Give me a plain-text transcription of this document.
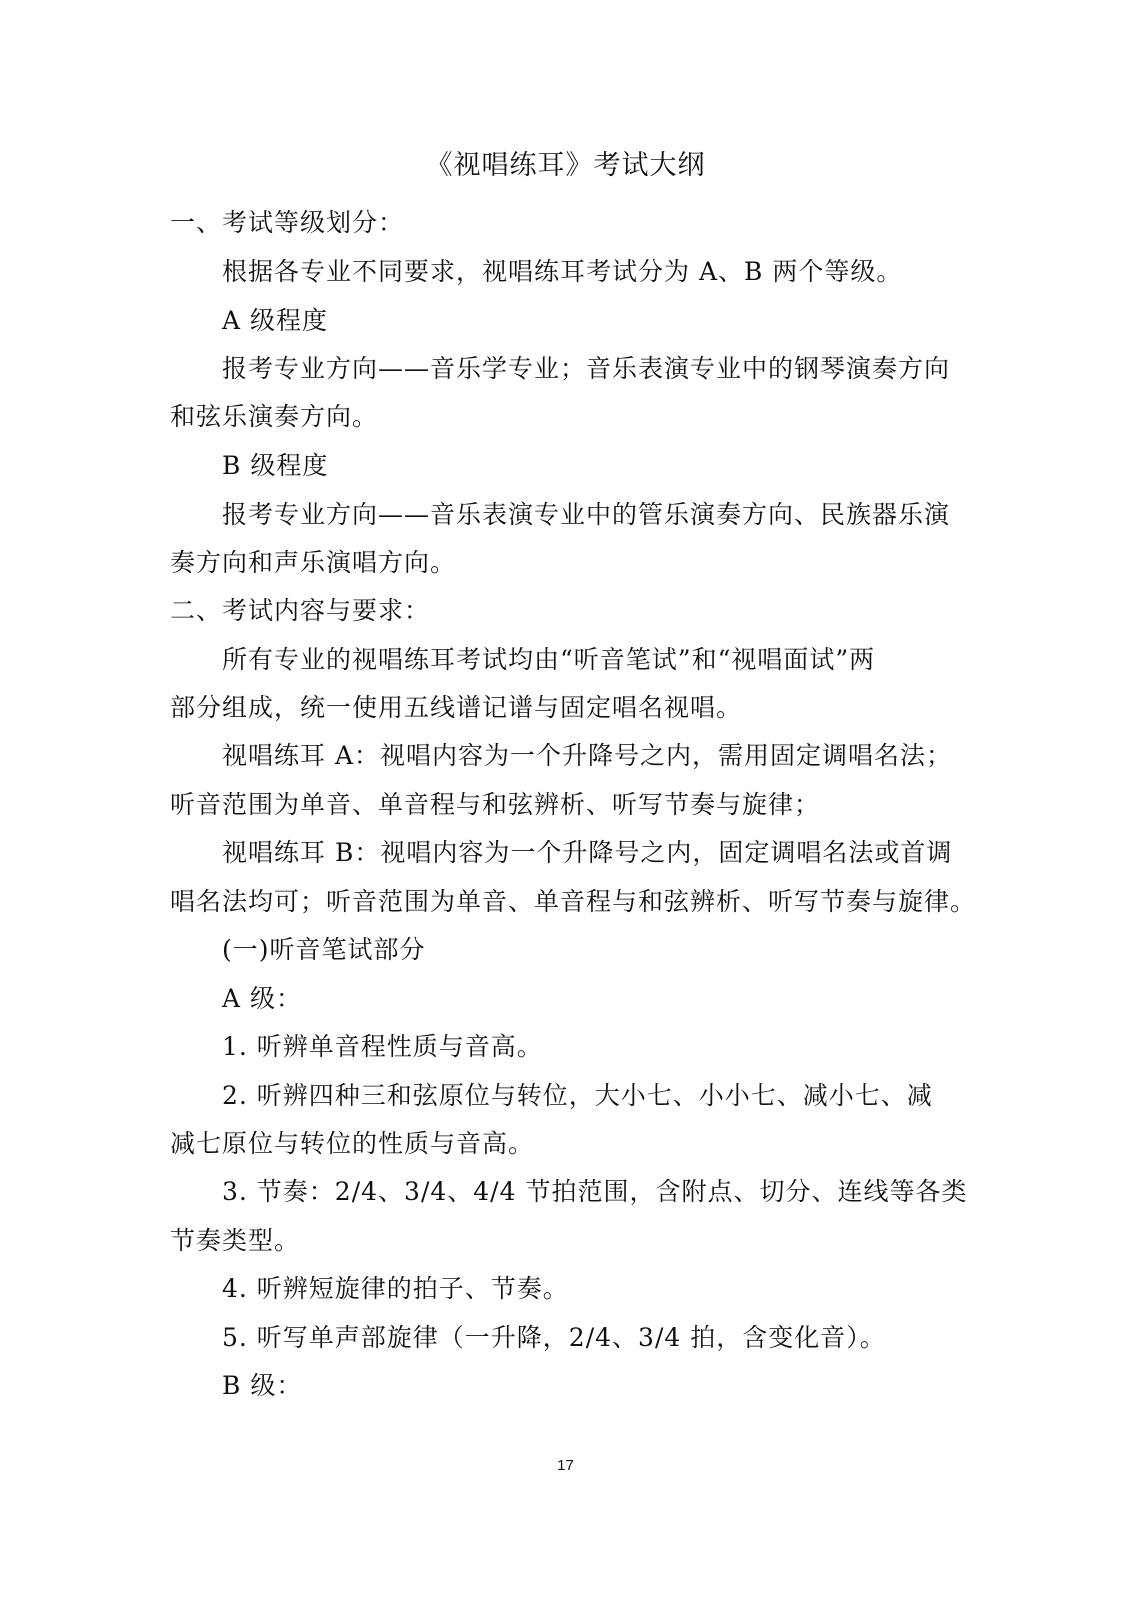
《视唱练耳》考试大纲
一、考试等级划分：
根据各专业不同要求，视唱练耳考试分为 A、B 两个等级。
A 级程度
报考专业方向——音乐学专业；音乐表演专业中的钢琴演奏方向
和弦乐演奏方向。
B 级程度
报考专业方向——音乐表演专业中的管乐演奏方向、民族器乐演
奏方向和声乐演唱方向。
二、考试内容与要求：
所有专业的视唱练耳考试均由“听音笔试”和“视唱面试”两
部分组成，统一使用五线谱记谱与固定唱名视唱。
视唱练耳 A：视唱内容为一个升降号之内，需用固定调唱名法；
听音范围为单音、单音程与和弦辨析、听写节奏与旋律；
视唱练耳 B：视唱内容为一个升降号之内，固定调唱名法或首调
唱名法均可；听音范围为单音、单音程与和弦辨析、听写节奏与旋律。
(一)听音笔试部分
A 级：
1. 听辨单音程性质与音高。
2. 听辨四种三和弦原位与转位，大小七、小小七、减小七、减
减七原位与转位的性质与音高。
3. 节奏：2/4、3/4、4/4 节拍范围，含附点、切分、连线等各类
节奏类型。
4. 听辨短旋律的拍子、节奏。
5. 听写单声部旋律（一升降，2/4、3/4 拍，含变化音）。
B 级：
17
